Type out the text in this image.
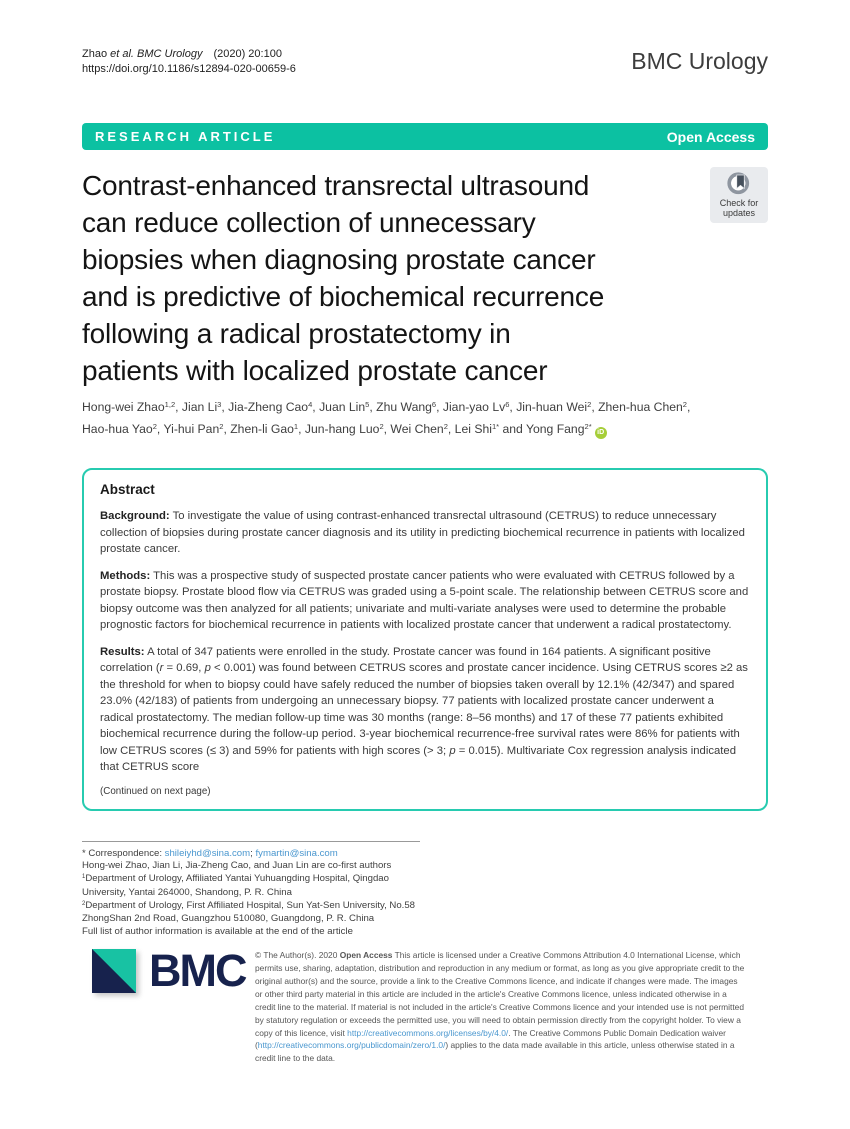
Zhao et al. BMC Urology (2020) 20:100
https://doi.org/10.1186/s12894-020-00659-6	BMC Urology
RESEARCH ARTICLE	Open Access
Contrast-enhanced transrectal ultrasound
can reduce collection of unnecessary
biopsies when diagnosing prostate cancer
and is predictive of biochemical recurrence
following a radical prostatectomy in
patients with localized prostate cancer
Check for
updates
Hong-wei Zhao$^{1,2}$, Jian Li$^3$, Jia-Zheng Cao$^4$, Juan Lin$^5$, Zhu Wang$^6$, Jian-yao Lv$^6$, Jin-huan Wei$^2$, Zhen-hua Chen$^2$,
Hao-hua Yao$^2$, Yi-hui Pan$^2$, Zhen-li Gao$^1$, Jun-hang Luo$^2$, Wei Chen$^2$, Lei Shi$^{1*}$ and Yong Fang$^{2*}$iD
Abstract

Background: To investigate the value of using contrast-enhanced transrectal ultrasound (CETRUS) to reduce unnecessary collection of biopsies during prostate cancer diagnosis and its utility in predicting biochemical recurrence in patients with localized prostate cancer.

Methods: This was a prospective study of suspected prostate cancer patients who were evaluated with CETRUS followed by a prostate biopsy. Prostate blood flow via CETRUS was graded using a 5-point scale. The relationship between CETRUS score and biopsy outcome was then analyzed for all patients; univariate and multi-variate analyses were used to determine the probable prognostic factors for biochemical recurrence in patients with localized prostate cancer that underwent a radical prostatectomy.

Results: A total of 347 patients were enrolled in the study. Prostate cancer was found in 164 patients. A significant positive correlation (r = 0.69, p < 0.001) was found between CETRUS scores and prostate cancer incidence. Using CETRUS scores ≥2 as the threshold for when to biopsy could have safely reduced the number of biopsies taken overall by 12.1% (42/347) and spared 23.0% (42/183) of patients from undergoing an unnecessary biopsy. 77 patients with localized prostate cancer underwent a radical prostatectomy. The median follow-up time was 30 months (range: 8–56 months) and 17 of these 77 patients exhibited biochemical recurrence during the follow-up period. 3-year biochemical recurrence-free survival rates were 86% for patients with low CETRUS scores (≤ 3) and 59% for patients with high scores (> 3; p = 0.015). Multivariate Cox regression analysis indicated that CETRUS score

(Continued on next page)
* Correspondence: shileiyhd@sina.com; fymartin@sina.com
Hong-wei Zhao, Jian Li, Jia-Zheng Cao, and Juan Lin are co-first authors
$^1$Department of Urology, Affiliated Yantai Yuhuangding Hospital, Qingdao University, Yantai 264000, Shandong, P. R. China
$^2$Department of Urology, First Affiliated Hospital, Sun Yat-Sen University, No.58 ZhongShan 2nd Road, Guangzhou 510080, Guangdong, P. R. China
Full list of author information is available at the end of the article
BMC © The Author(s). 2020 Open Access This article is licensed under a Creative Commons Attribution 4.0 International License, which permits use, sharing, adaptation, distribution and reproduction in any medium or format, as long as you give appropriate credit to the original author(s) and the source, provide a link to the Creative Commons licence, and indicate if changes were made. The images or other third party material in this article are included in the article's Creative Commons licence, unless indicated otherwise in a credit line to the material. If material is not included in the article's Creative Commons licence and your intended use is not permitted by statutory regulation or exceeds the permitted use, you will need to obtain permission directly from the copyright holder. To view a copy of this licence, visit http://creativecommons.org/licenses/by/4.0/. The Creative Commons Public Domain Dedication waiver (http://creativecommons.org/publicdomain/zero/1.0/) applies to the data made available in this article, unless otherwise stated in a credit line to the data.
